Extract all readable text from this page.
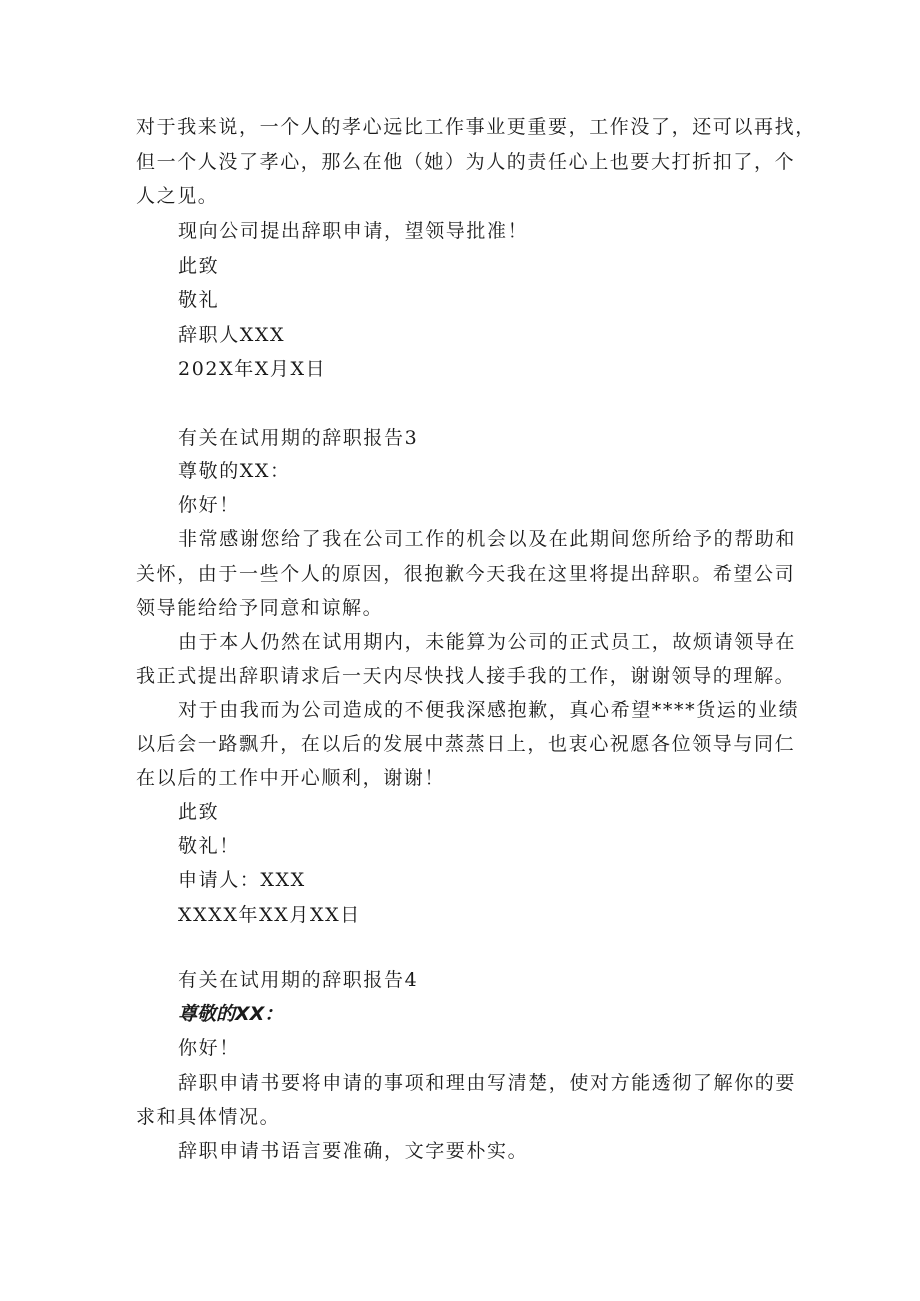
对于我来说，一个人的孝心远比工作事业更重要，工作没了，还可以再找，
但一个人没了孝心，那么在他（她）为人的责任心上也要大打折扣了，个
人之见。
现向公司提出辞职申请，望领导批准！
此致
敬礼
辞职人XXX
202X年X月X日
有关在试用期的辞职报告3
尊敬的XX：
你好！
非常感谢您给了我在公司工作的机会以及在此期间您所给予的帮助和
关怀，由于一些个人的原因，很抱歉今天我在这里将提出辞职。希望公司
领导能给给予同意和谅解。
由于本人仍然在试用期内，未能算为公司的正式员工，故烦请领导在
我正式提出辞职请求后一天内尽快找人接手我的工作，谢谢领导的理解。
对于由我而为公司造成的不便我深感抱歉，真心希望****货运的业绩
以后会一路飘升，在以后的发展中蒸蒸日上，也衷心祝愿各位领导与同仁
在以后的工作中开心顺利，谢谢！
此致
敬礼！
申请人：XXX
XXXX年XX月XX日
有关在试用期的辞职报告4
尊敬的XX：
你好！
辞职申请书要将申请的事项和理由写清楚，使对方能透彻了解你的要
求和具体情况。
辞职申请书语言要准确，文字要朴实。
